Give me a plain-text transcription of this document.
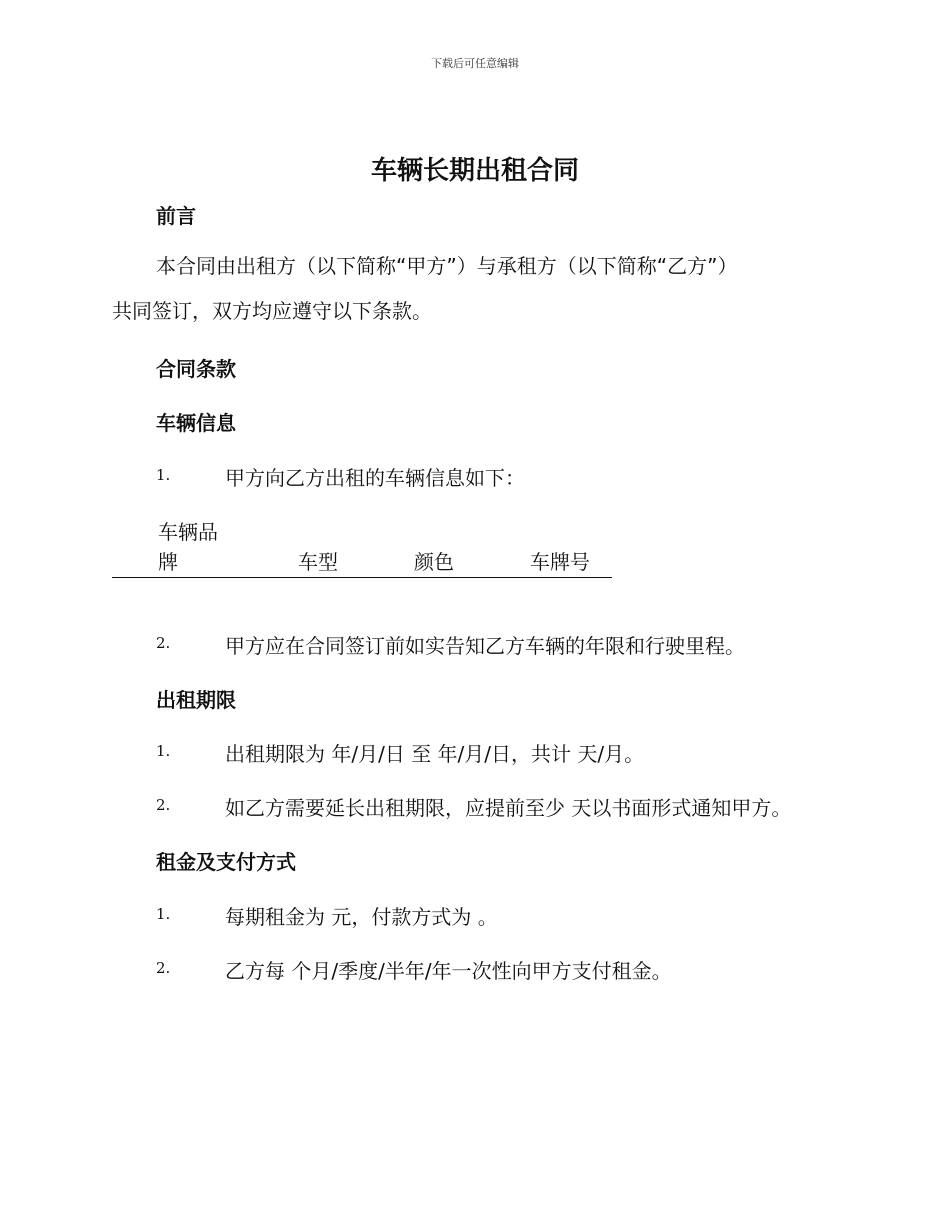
下载后可任意编辑
车辆长期出租合同
前言
本合同由出租方（以下简称“甲方”）与承租方（以下简称“乙方”）
共同签订，双方均应遵守以下条款。
合同条款
车辆信息
1.	甲方向乙方出租的车辆信息如下：
车辆品
牌	车型	颜色	车牌号
2.	甲方应在合同签订前如实告知乙方车辆的年限和行驶里程。
出租期限
1.	出租期限为 年/月/日 至 年/月/日，共计 天/月。
2.	如乙方需要延长出租期限，应提前至少 天以书面形式通知甲方。
租金及支付方式
1.	每期租金为 元，付款方式为 。
2.	乙方每 个月/季度/半年/年一次性向甲方支付租金。
